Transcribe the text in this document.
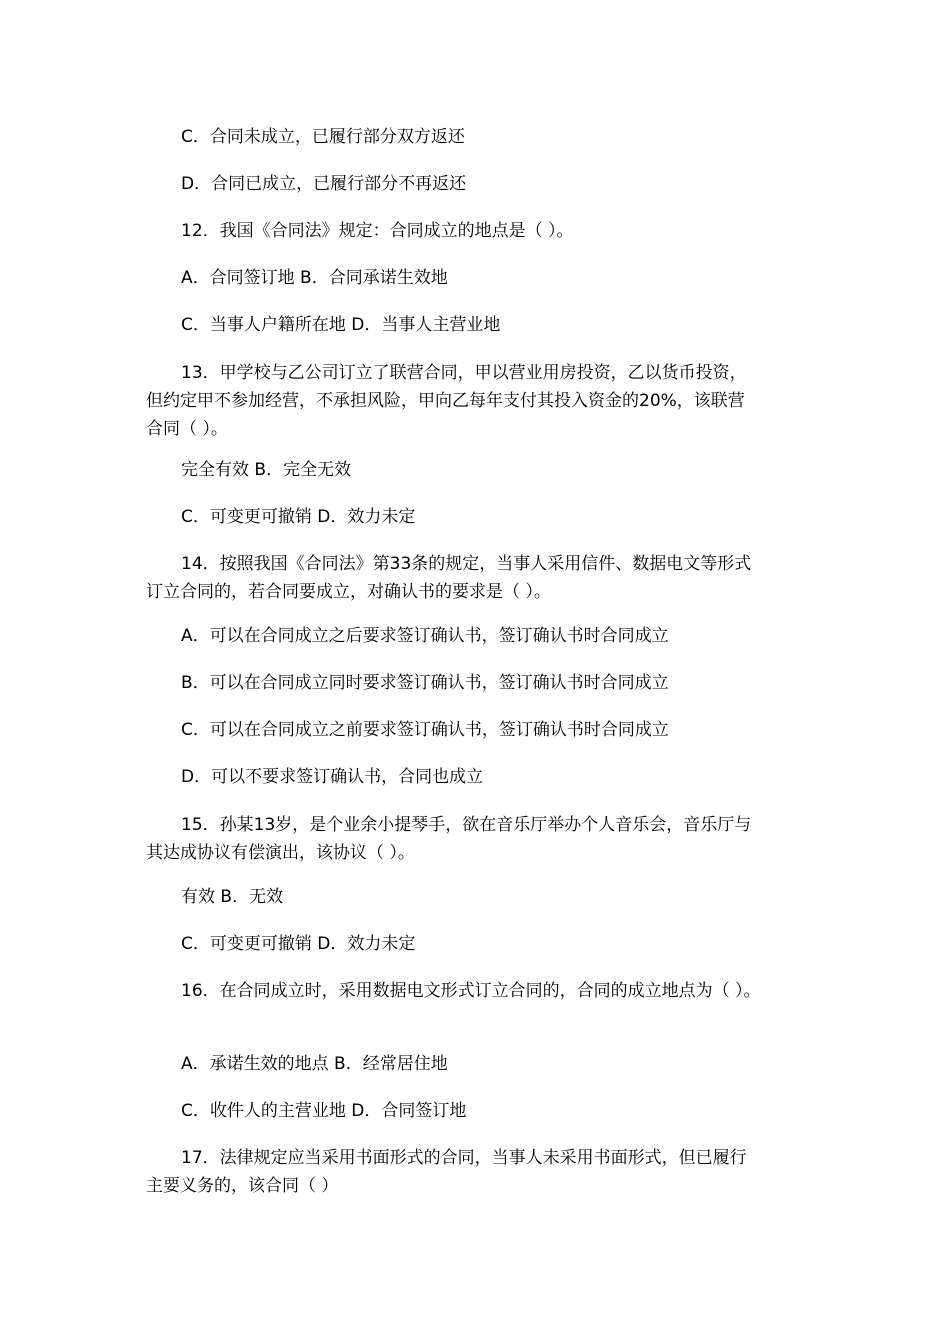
C．合同未成立，已履行部分双方返还
D．合同已成立，已履行部分不再返还
12．我国《合同法》规定：合同成立的地点是（ ）。
A．合同签订地 B．合同承诺生效地
C．当事人户籍所在地 D．当事人主营业地
13．甲学校与乙公司订立了联营合同，甲以营业用房投资，乙以货币投资，
但约定甲不参加经营，不承担风险，甲向乙每年支付其投入资金的20%，该联营
合同（ ）。
完全有效 B．完全无效
C．可变更可撤销 D．效力未定
14．按照我国《合同法》第33条的规定，当事人采用信件、数据电文等形式
订立合同的，若合同要成立，对确认书的要求是（ ）。
A．可以在合同成立之后要求签订确认书，签订确认书时合同成立
B．可以在合同成立同时要求签订确认书，签订确认书时合同成立
C．可以在合同成立之前要求签订确认书，签订确认书时合同成立
D．可以不要求签订确认书，合同也成立
15．孙某13岁，是个业余小提琴手，欲在音乐厅举办个人音乐会，音乐厅与
其达成协议有偿演出，该协议（ ）。
有效 B．无效
C．可变更可撤销 D．效力未定
16．在合同成立时，采用数据电文形式订立合同的，合同的成立地点为（ ）。
A．承诺生效的地点 B．经常居住地
C．收件人的主营业地 D．合同签订地
17．法律规定应当采用书面形式的合同，当事人未采用书面形式，但已履行
主要义务的，该合同（ ）
